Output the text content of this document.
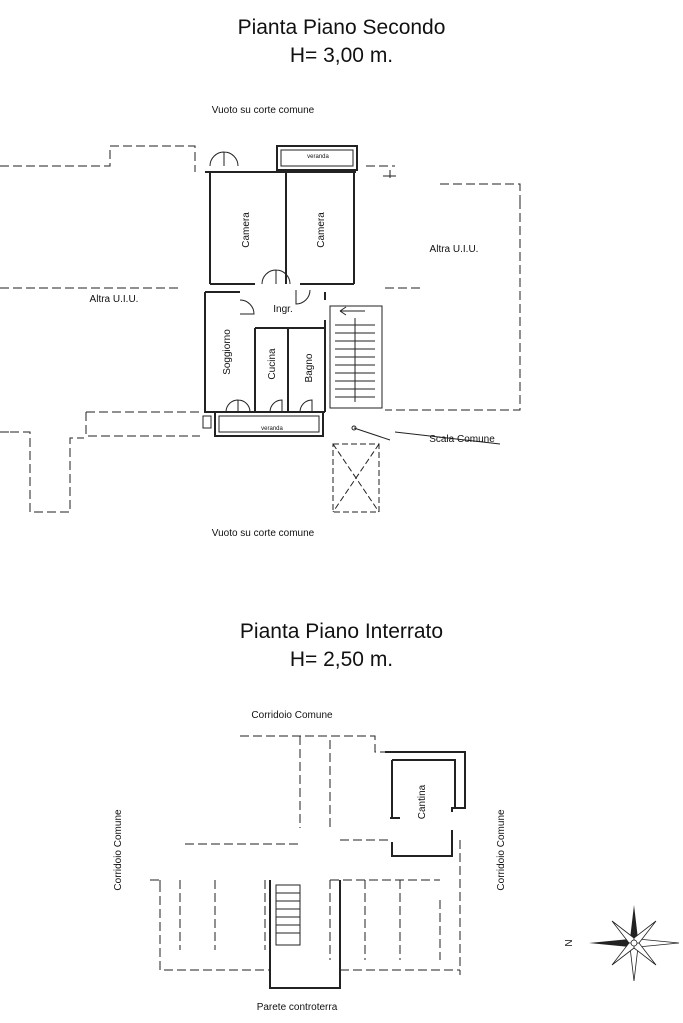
Pianta Piano Secondo
H= 3,00 m.
Pianta Piano Interrato
H= 2,50 m.
Vuoto su corte comune
Vuoto su corte comune
Altra U.I.U.
Altra U.I.U.
Camera	Camera
Ingr.
Soggiorno	Cucina	Bagno
veranda
veranda
Scala Comune
Corridoio Comune
Corridoio Comune	Corridoio Comune
Cantina
Parete controterra
N
